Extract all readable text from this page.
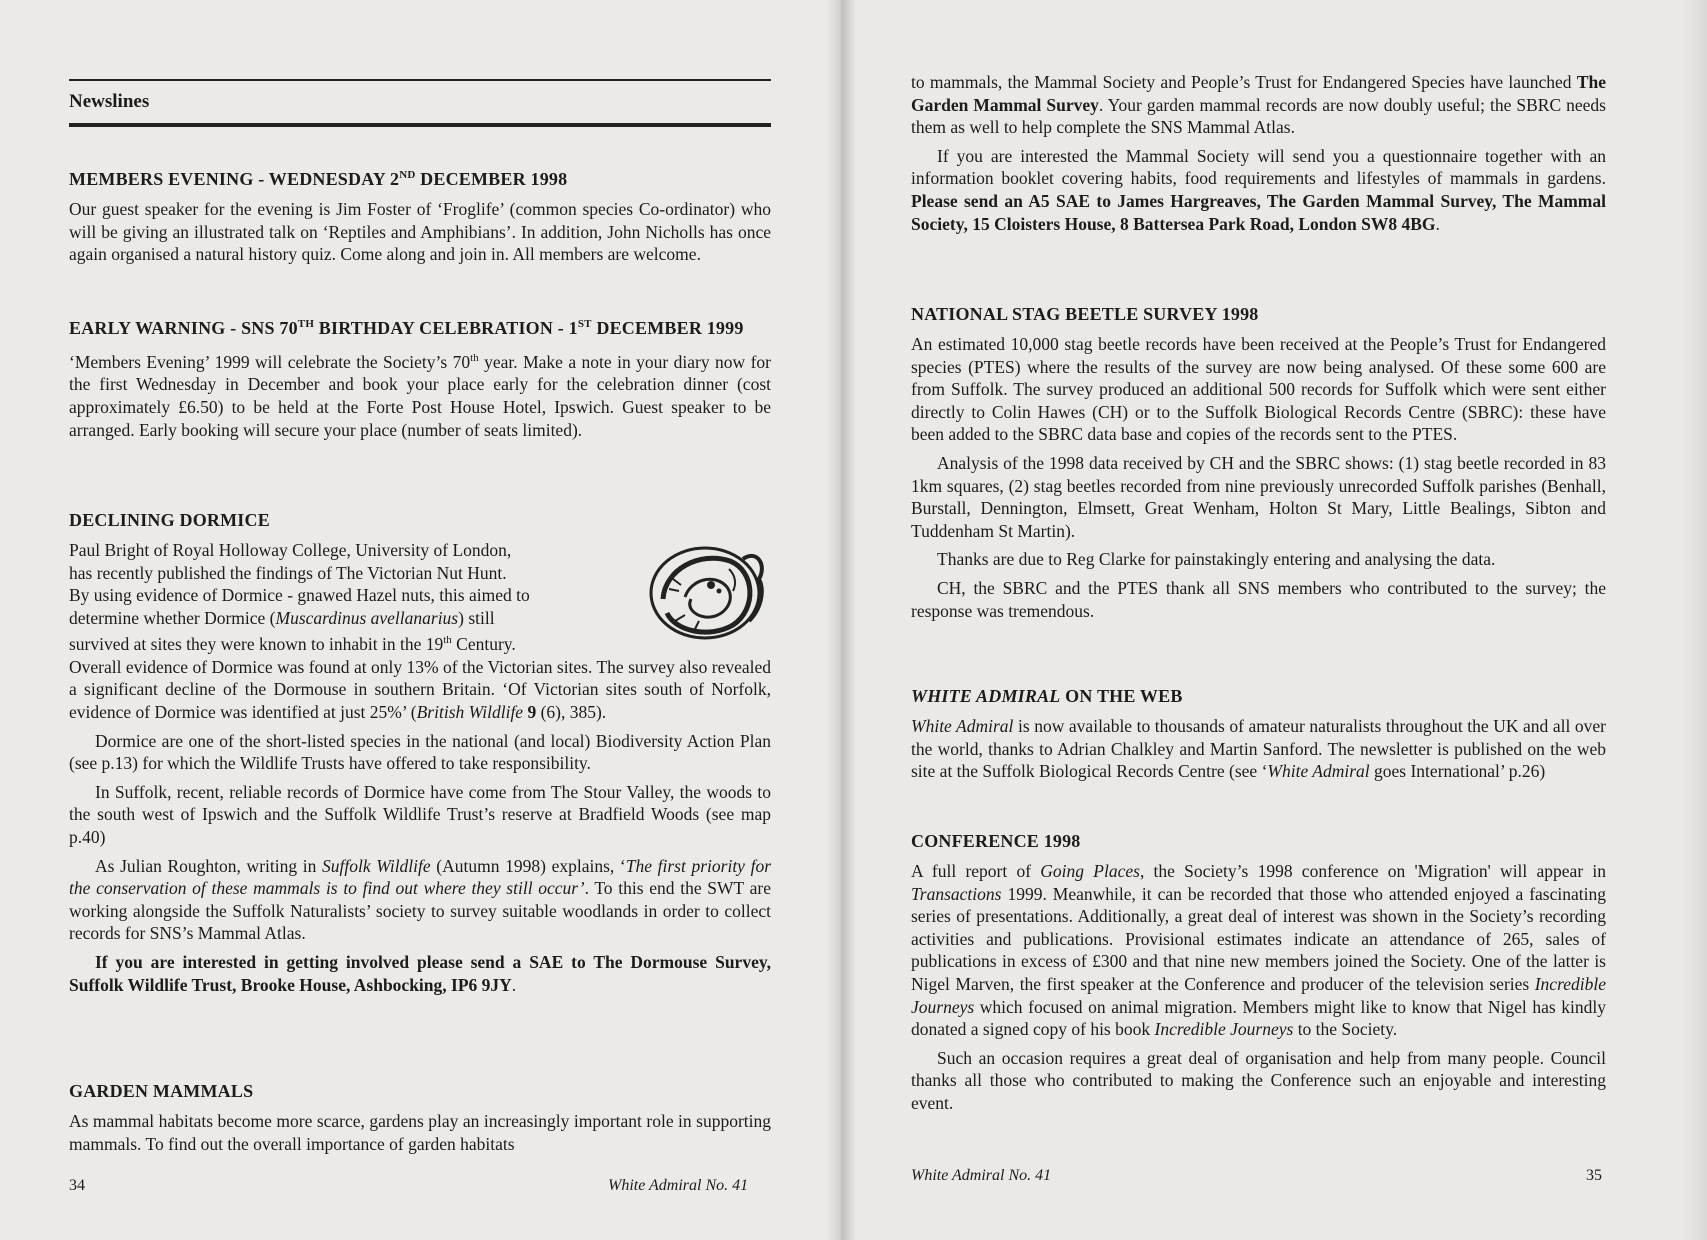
Newslines
MEMBERS EVENING - WEDNESDAY 2ND DECEMBER 1998

Our guest speaker for the evening is Jim Foster of ‘Froglife’ (common species Co-ordinator) who will be giving an illustrated talk on ‘Reptiles and Amphibians’. In addition, John Nicholls has once again organised a natural history quiz. Come along and join in. All members are welcome.

EARLY WARNING - SNS 70TH BIRTHDAY CELEBRATION - 1ST DECEMBER 1999

‘Members Evening’ 1999 will celebrate the Society’s 70th year. Make a note in your diary now for the first Wednesday in December and book your place early for the celebration dinner (cost approximately £6.50) to be held at the Forte Post House Hotel, Ipswich. Guest speaker to be arranged. Early booking will secure your place (number of seats limited).

DECLINING DORMICE

Paul Bright of Royal Holloway College, University of London,

has recently published the findings of The Victorian Nut Hunt.

By using evidence of Dormice - gnawed Hazel nuts, this aimed to

determine whether Dormice (Muscardinus avellanarius) still

survived at sites they were known to inhabit in the 19th Century.

Overall evidence of Dormice was found at only 13% of the Victorian sites. The survey also revealed a significant decline of the Dormouse in southern Britain. ‘Of Victorian sites south of Norfolk, evidence of Dormice was identified at just 25%’ (British Wildlife 9 (6), 385).

Dormice are one of the short-listed species in the national (and local) Biodiversity Action Plan (see p.13) for which the Wildlife Trusts have offered to take responsibility.

In Suffolk, recent, reliable records of Dormice have come from The Stour Valley, the woods to the south west of Ipswich and the Suffolk Wildlife Trust’s reserve at Bradfield Woods (see map p.40)

As Julian Roughton, writing in Suffolk Wildlife (Autumn 1998) explains, ‘The first priority for the conservation of these mammals is to find out where they still occur’. To this end the SWT are working alongside the Suffolk Naturalists’ society to survey suitable woodlands in order to collect records for SNS’s Mammal Atlas.

If you are interested in getting involved please send a SAE to The Dormouse Survey, Suffolk Wildlife Trust, Brooke House, Ashbocking, IP6 9JY.

GARDEN MAMMALS

As mammal habitats become more scarce, gardens play an increasingly important role in supporting mammals. To find out the overall importance of garden habitats

34	White Admiral No. 41

to mammals, the Mammal Society and People’s Trust for Endangered Species have launched The Garden Mammal Survey. Your garden mammal records are now doubly useful; the SBRC needs them as well to help complete the SNS Mammal Atlas.

If you are interested the Mammal Society will send you a questionnaire together with an information booklet covering habits, food requirements and lifestyles of mammals in gardens. Please send an A5 SAE to James Hargreaves, The Garden Mammal Survey, The Mammal Society, 15 Cloisters House, 8 Battersea Park Road, London SW8 4BG.

NATIONAL STAG BEETLE SURVEY 1998

An estimated 10,000 stag beetle records have been received at the People’s Trust for Endangered species (PTES) where the results of the survey are now being analysed. Of these some 600 are from Suffolk. The survey produced an additional 500 records for Suffolk which were sent either directly to Colin Hawes (CH) or to the Suffolk Biological Records Centre (SBRC): these have been added to the SBRC data base and copies of the records sent to the PTES.

Analysis of the 1998 data received by CH and the SBRC shows: (1) stag beetle recorded in 83 1km squares, (2) stag beetles recorded from nine previously unrecorded Suffolk parishes (Benhall, Burstall, Dennington, Elmsett, Great Wenham, Holton St Mary, Little Bealings, Sibton and Tuddenham St Martin).

Thanks are due to Reg Clarke for painstakingly entering and analysing the data.

CH, the SBRC and the PTES thank all SNS members who contributed to the survey; the response was tremendous.

WHITE ADMIRAL ON THE WEB

White Admiral is now available to thousands of amateur naturalists throughout the UK and all over the world, thanks to Adrian Chalkley and Martin Sanford. The newsletter is published on the web site at the Suffolk Biological Records Centre (see ‘White Admiral goes International’ p.26)

CONFERENCE 1998

A full report of Going Places, the Society’s 1998 conference on 'Migration' will appear in Transactions 1999. Meanwhile, it can be recorded that those who attended enjoyed a fascinating series of presentations. Additionally, a great deal of interest was shown in the Society’s recording activities and publications. Provisional estimates indicate an attendance of 265, sales of publications in excess of £300 and that nine new members joined the Society. One of the latter is Nigel Marven, the first speaker at the Conference and producer of the television series Incredible Journeys which focused on animal migration. Members might like to know that Nigel has kindly donated a signed copy of his book Incredible Journeys to the Society.

Such an occasion requires a great deal of organisation and help from many people. Council thanks all those who contributed to making the Conference such an enjoyable and interesting event.

White Admiral No. 41	35
